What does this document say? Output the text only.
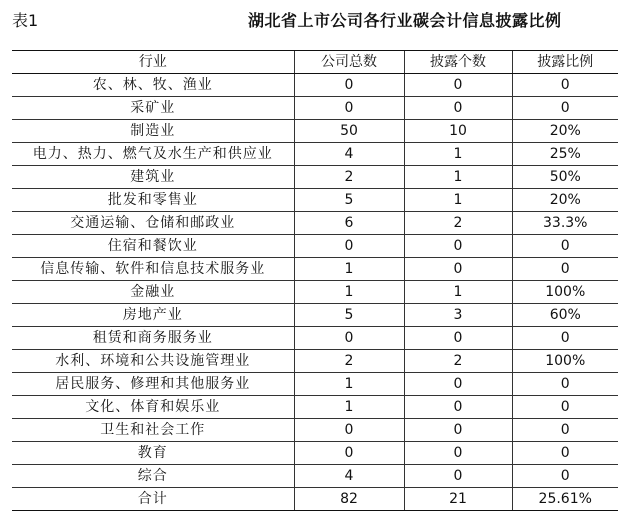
表1	湖北省上市公司各行业碳会计信息披露比例
行业	公司总数	披露个数	披露比例
农、林、牧、渔业	0	0	0
采矿业	0	0	0
制造业	50	10	20%
电力、热力、燃气及水生产和供应业	4	1	25%
建筑业	2	1	50%
批发和零售业	5	1	20%
交通运输、仓储和邮政业	6	2	33.3%
住宿和餐饮业	0	0	0
信息传输、软件和信息技术服务业	1	0	0
金融业	1	1	100%
房地产业	5	3	60%
租赁和商务服务业	0	0	0
水利、环境和公共设施管理业	2	2	100%
居民服务、修理和其他服务业	1	0	0
文化、体育和娱乐业	1	0	0
卫生和社会工作	0	0	0
教育	0	0	0
综合	4	0	0
合计	82	21	25.61%
